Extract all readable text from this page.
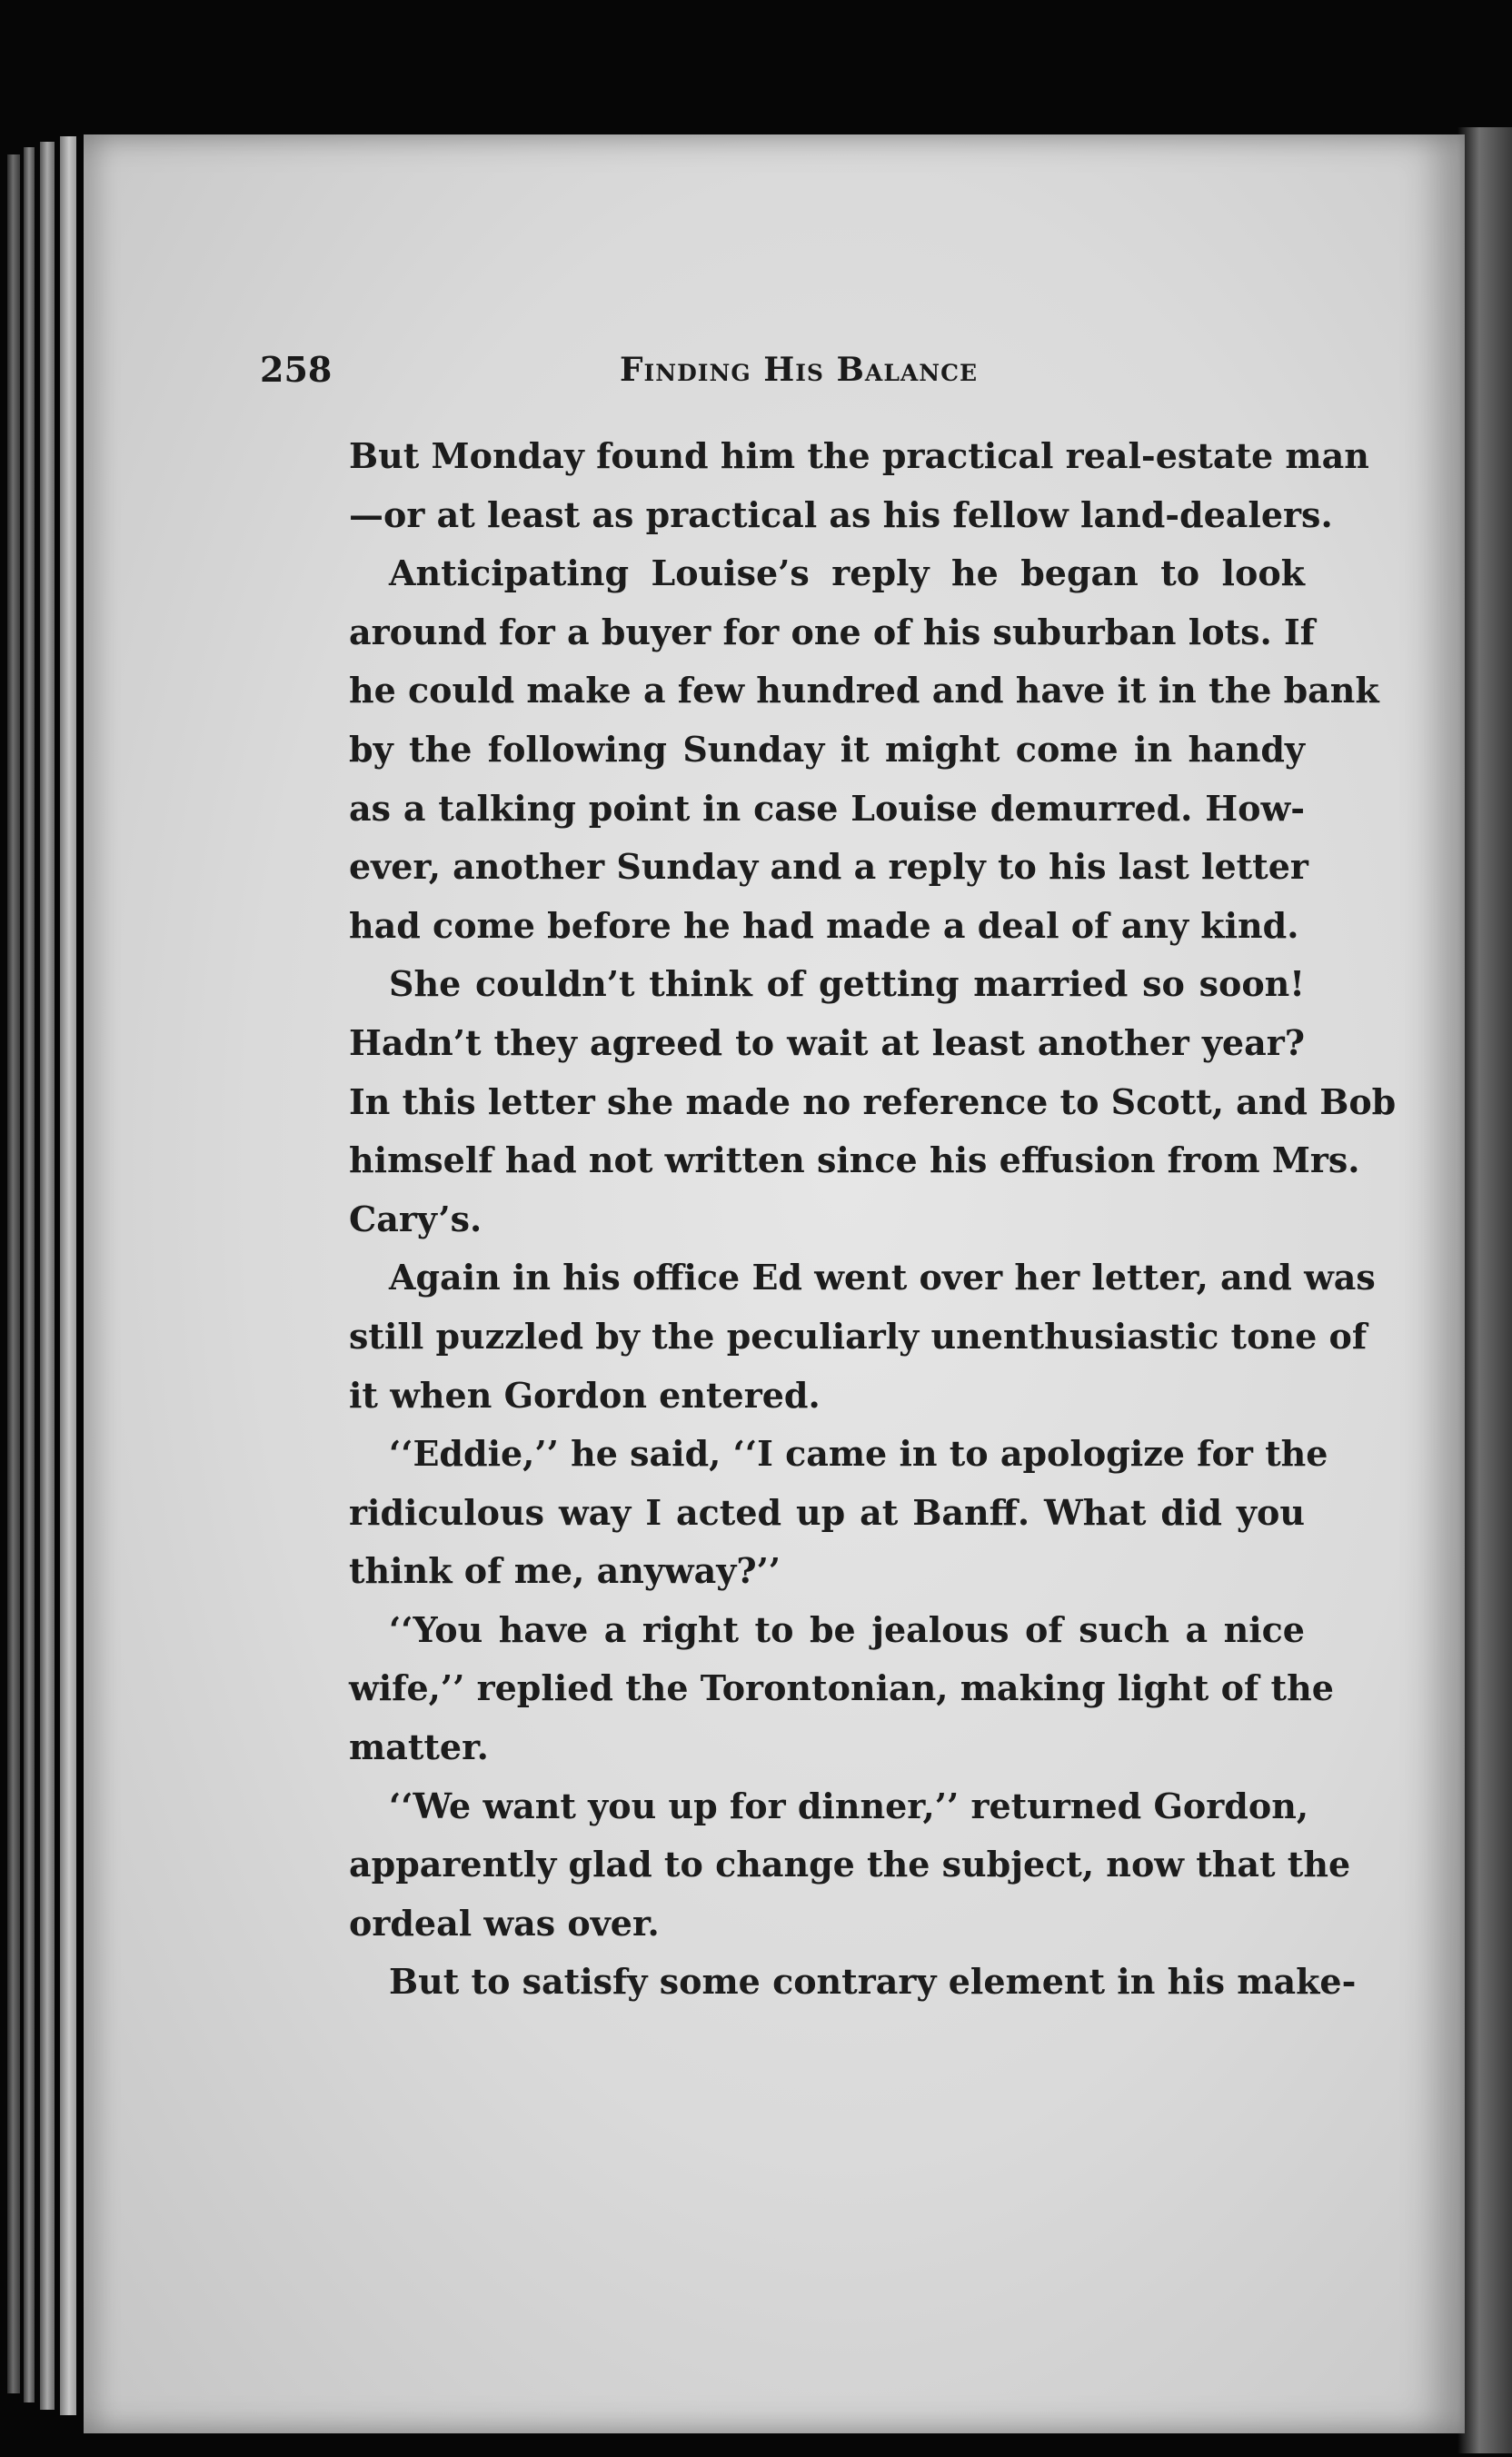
258	Finding His Balance
But Monday found him the practical real-estate man
—or at least as practical as his fellow land-dealers.
Anticipating Louise’s reply he began to look
around for a buyer for one of his suburban lots. If
he could make a few hundred and have it in the bank
by the following Sunday it might come in handy
as a talking point in case Louise demurred. How-
ever, another Sunday and a reply to his last letter
had come before he had made a deal of any kind.
She couldn’t think of getting married so soon!
Hadn’t they agreed to wait at least another year?
In this letter she made no reference to Scott, and Bob
himself had not written since his effusion from Mrs.
Cary’s.
Again in his office Ed went over her letter, and was
still puzzled by the peculiarly unenthusiastic tone of
it when Gordon entered.
‘‘Eddie,’’ he said, ‘‘I came in to apologize for the
ridiculous way I acted up at Banff. What did you
think of me, anyway?’’
‘‘You have a right to be jealous of such a nice
wife,’’ replied the Torontonian, making light of the
matter.
‘‘We want you up for dinner,’’ returned Gordon,
apparently glad to change the subject, now that the
ordeal was over.
But to satisfy some contrary element in his make-
